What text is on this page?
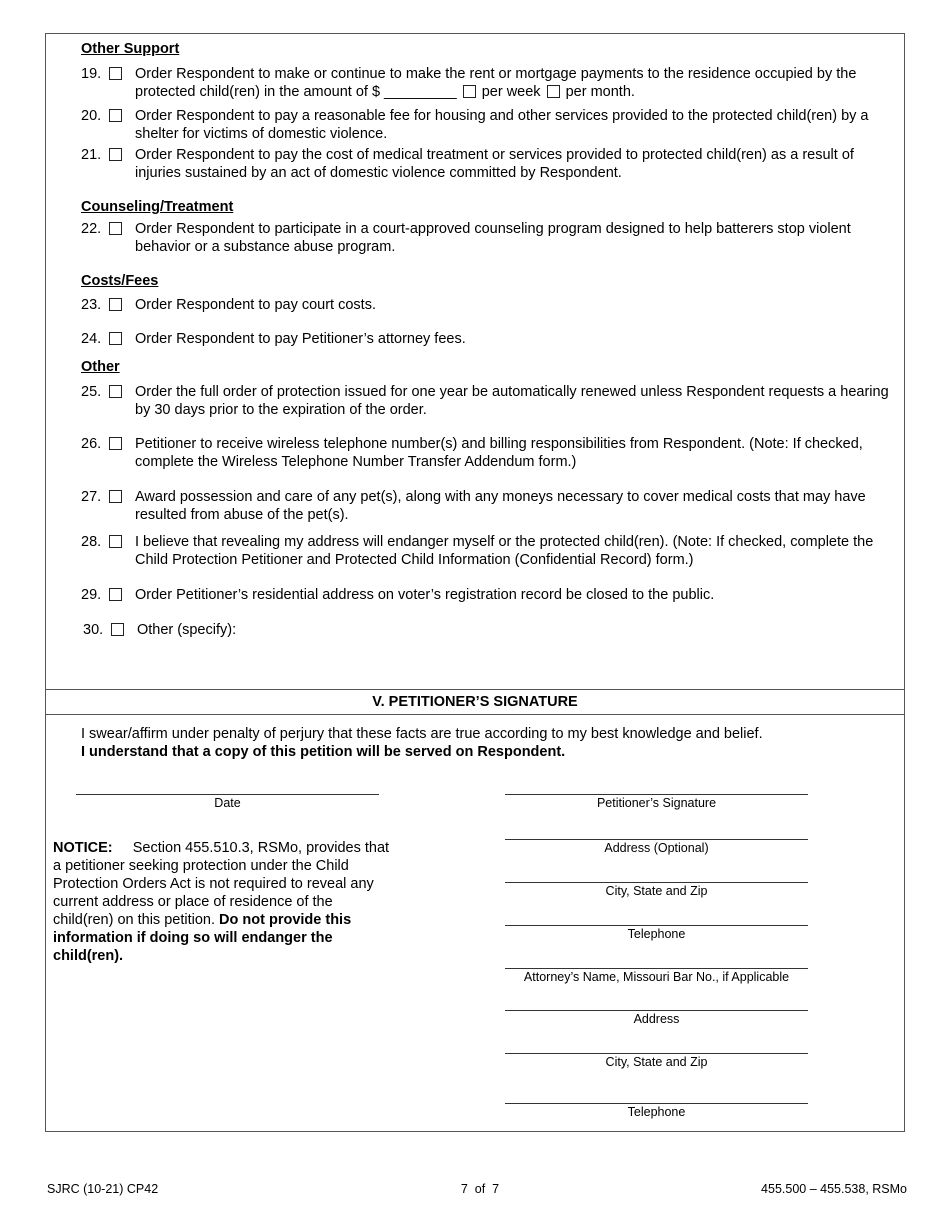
Other Support
19.	Order Respondent to make or continue to make the rent or mortgage payments to the residence occupied by the protected child(ren) in the amount of $ _________ per week per month.
20.	Order Respondent to pay a reasonable fee for housing and other services provided to the protected child(ren) by a shelter for victims of domestic violence.
21.	Order Respondent to pay the cost of medical treatment or services provided to protected child(ren) as a result of injuries sustained by an act of domestic violence committed by Respondent.
Counseling/Treatment
22.	Order Respondent to participate in a court-approved counseling program designed to help batterers stop violent behavior or a substance abuse program.
Costs/Fees
23.	Order Respondent to pay court costs.
24.	Order Respondent to pay Petitioner’s attorney fees.
Other
25.	Order the full order of protection issued for one year be automatically renewed unless Respondent requests a hearing by 30 days prior to the expiration of the order.
26.	Petitioner to receive wireless telephone number(s) and billing responsibilities from Respondent. (Note: If checked, complete the Wireless Telephone Number Transfer Addendum form.)
27.	Award possession and care of any pet(s), along with any moneys necessary to cover medical costs that may have resulted from abuse of the pet(s).
28.	I believe that revealing my address will endanger myself or the protected child(ren). (Note: If checked, complete the Child Protection Petitioner and Protected Child Information (Confidential Record) form.)
29.	Order Petitioner’s residential address on voter’s registration record be closed to the public.
30.	Other (specify):
V. PETITIONER’S SIGNATURE
I swear/affirm under penalty of perjury that these facts are true according to my best knowledge and belief.
I understand that a copy of this petition will be served on Respondent.
Date	Petitioner’s Signature
Address (Optional)
City, State and Zip
Telephone
Attorney’s Name, Missouri Bar No., if Applicable
Address
City, State and Zip
Telephone
NOTICE: Section 455.510.3, RSMo, provides that a petitioner seeking protection under the Child Protection Orders Act is not required to reveal any current address or place of residence of the child(ren) on this petition. Do not provide this information if doing so will endanger the child(ren).
SJRC (10-21) CP42	7  of  7	455.500 – 455.538, RSMo
